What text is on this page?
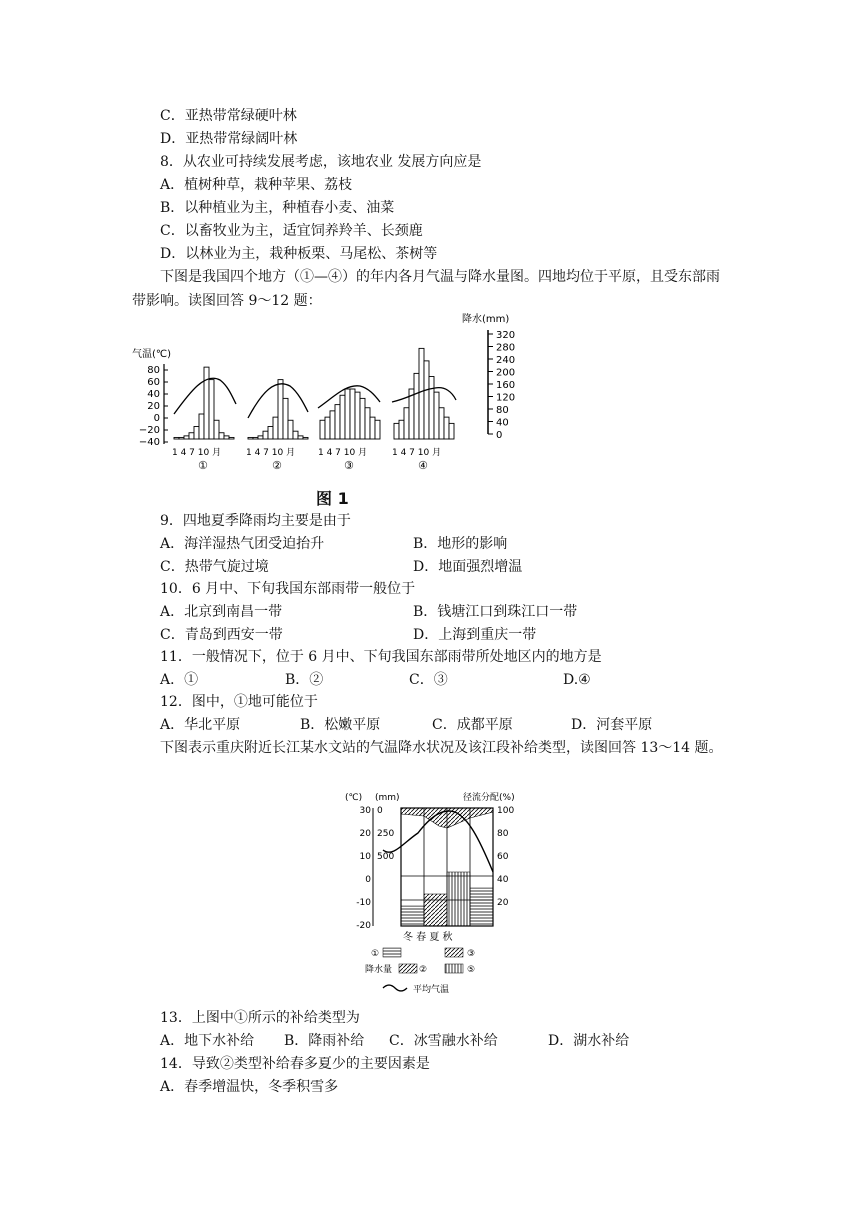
C．亚热带常绿硬叶林
D．亚热带常绿阔叶林
8．从农业可持续发展考虑，该地农业 发展方向应是
A．植树种草，栽种苹果、荔枝
B．以种植业为主，种植春小麦、油菜
C．以畜牧业为主，适宜饲养羚羊、长颈鹿
D．以林业为主，栽种板栗、马尾松、茶树等
下图是我国四个地方（①—④）的年内各月气温与降水量图。四地均位于平原，且受东部雨带影响。读图回答 9～12 题：
气温(℃)
80
60
40
20
0
−20
−40
降水(mm)
320
280
240
200
160
120
80
40
0
1 4 7 10 月
①
1 4 7 10 月
②
1 4 7 10 月
③
1 4 7 10 月
④
图 1
9．四地夏季降雨均主要是由于
A．海洋湿热气团受迫抬升	B．地形的影响
C．热带气旋过境	D．地面强烈增温
10．6 月中、下旬我国东部雨带一般位于
A．北京到南昌一带	B．钱塘江口到珠江口一带
C．青岛到西安一带	D．上海到重庆一带
11．一般情况下，位于 6 月中、下旬我国东部雨带所处地区内的地方是
A．①	B．②	C．③	D.④
12．图中，①地可能位于
A．华北平原	B．松嫩平原	C．成都平原	D．河套平原
下图表示重庆附近长江某水文站的气温降水状况及该江段补给类型，读图回答 13～14 题。
(℃) (mm)	径流分配(%)
30
20
10
0
-10
-20
0
250
500
100
80
60
40
20
冬 春 夏 秋
①	③
降水量	②	⑤
平均气温
13．上图中①所示的补给类型为
A．地下水补给 B．降雨补给 C．冰雪融水补给	D．湖水补给
14．导致②类型补给春多夏少的主要因素是
A．春季增温快，冬季积雪多
